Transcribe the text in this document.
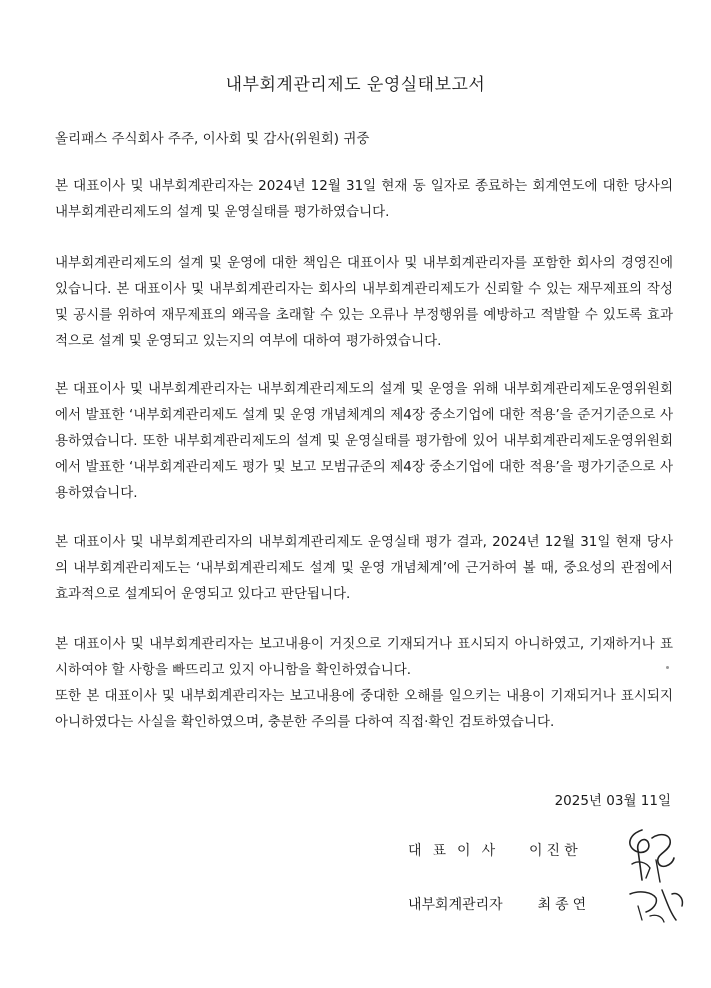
내부회계관리제도 운영실태보고서
올리패스 주식회사 주주, 이사회 및 감사(위원회) 귀중

본 대표이사 및 내부회계관리자는 2024년 12월 31일 현재 동 일자로 종료하는 회계연도에 대한 당사의 내부회계관리제도의 설계 및 운영실태를 평가하였습니다.

내부회계관리제도의 설계 및 운영에 대한 책임은 대표이사 및 내부회계관리자를 포함한 회사의 경영진에 있습니다. 본 대표이사 및 내부회계관리자는 회사의 내부회계관리제도가 신뢰할 수 있는 재무제표의 작성 및 공시를 위하여 재무제표의 왜곡을 초래할 수 있는 오류나 부정행위를 예방하고 적발할 수 있도록 효과적으로 설계 및 운영되고 있는지의 여부에 대하여 평가하였습니다.

본 대표이사 및 내부회계관리자는 내부회계관리제도의 설계 및 운영을 위해 내부회계관리제도운영위원회에서 발표한 ‘내부회계관리제도 설계 및 운영 개념체계의 제4장 중소기업에 대한 적용’을 준거기준으로 사용하였습니다. 또한 내부회계관리제도의 설계 및 운영실태를 평가함에 있어 내부회계관리제도운영위원회에서 발표한 ‘내부회계관리제도 평가 및 보고 모범규준의 제4장 중소기업에 대한 적용’을 평가기준으로 사용하였습니다.

본 대표이사 및 내부회계관리자의 내부회계관리제도 운영실태 평가 결과, 2024년 12월 31일 현재 당사의 내부회계관리제도는 ‘내부회계관리제도 설계 및 운영 개념체계’에 근거하여 볼 때, 중요성의 관점에서 효과적으로 설계되어 운영되고 있다고 판단됩니다.

본 대표이사 및 내부회계관리자는 보고내용이 거짓으로 기재되거나 표시되지 아니하였고, 기재하거나 표시하여야 할 사항을 빠뜨리고 있지 아니함을 확인하였습니다.

또한 본 대표이사 및 내부회계관리자는 보고내용에 중대한 오해를 일으키는 내용이 기재되거나 표시되지 아니하였다는 사실을 확인하였으며, 충분한 주의를 다하여 직접·확인 검토하였습니다.

2025년 03월 11일
대표이사 이진한
내부회계관리자 최종연
